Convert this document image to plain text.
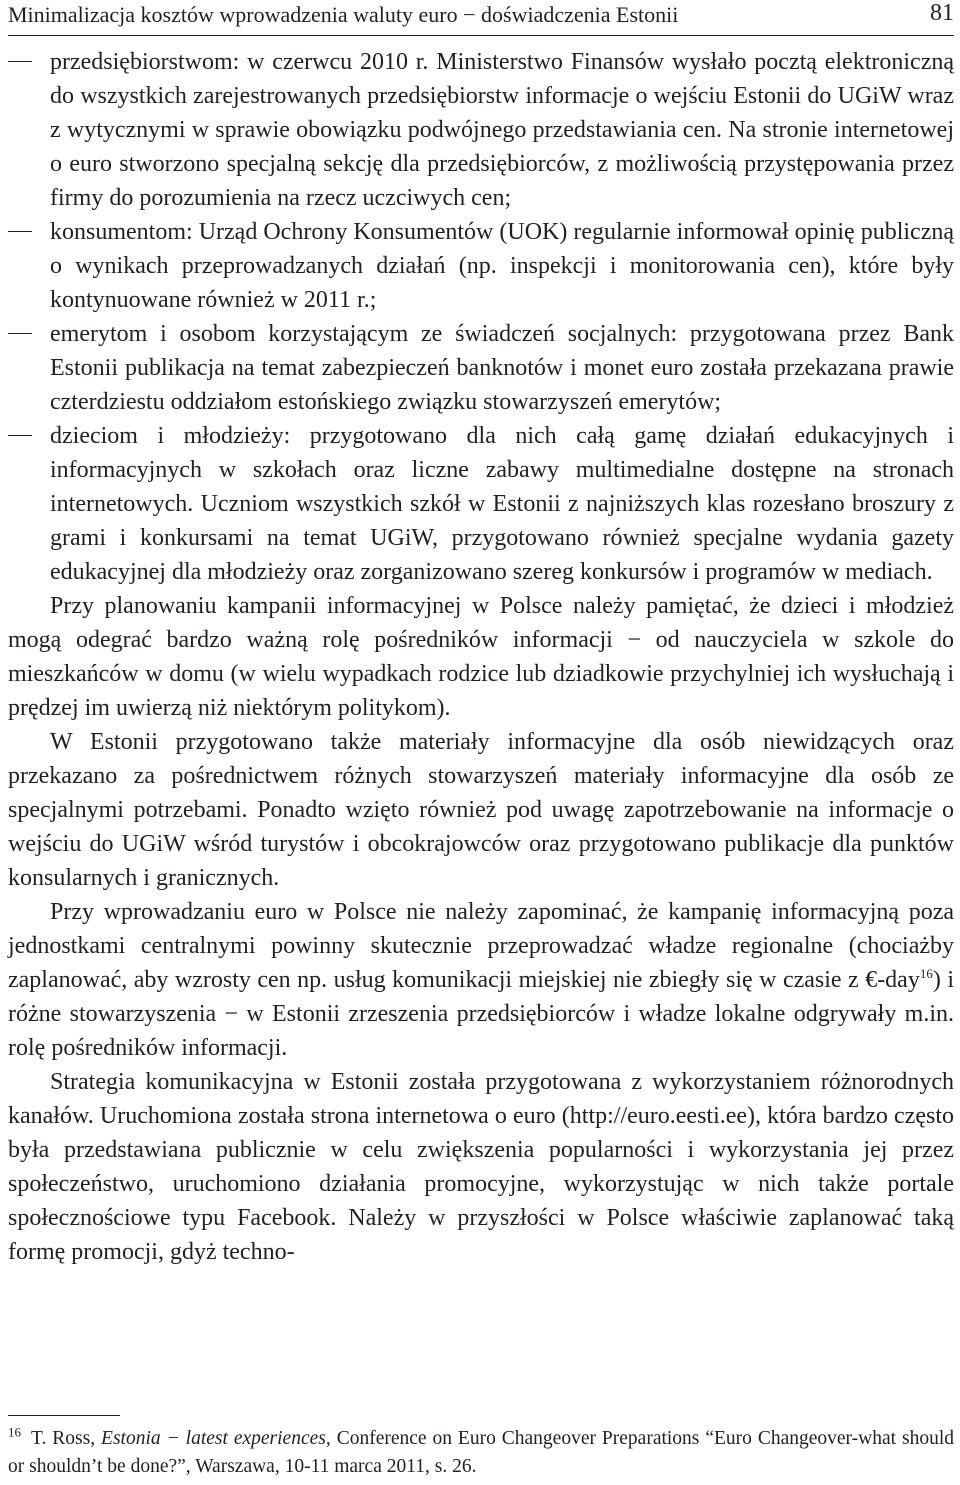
Minimalizacja kosztów wprowadzenia waluty euro − doświadczenia Estonii	81

przedsiębiorstwom: w czerwcu 2010 r. Ministerstwo Finansów wysłało pocztą elektroniczną do wszystkich zarejestrowanych przedsiębiorstw informacje o wejściu Estonii do UGiW wraz z wytycznymi w sprawie obowiązku podwójnego przedstawiania cen. Na stronie internetowej o euro stworzono specjalną sekcję dla przedsiębiorców, z możliwością przystępowania przez firmy do porozumienia na rzecz uczciwych cen;

konsumentom: Urząd Ochrony Konsumentów (UOK) regularnie informował opinię publiczną o wynikach przeprowadzanych działań (np. inspekcji i monitorowania cen), które były kontynuowane również w 2011 r.;

emerytom i osobom korzystającym ze świadczeń socjalnych: przygotowana przez Bank Estonii publikacja na temat zabezpieczeń banknotów i monet euro została przekazana prawie czterdziestu oddziałom estońskiego związku stowarzyszeń emerytów;

dzieciom i młodzieży: przygotowano dla nich całą gamę działań edukacyjnych i informacyjnych w szkołach oraz liczne zabawy multimedialne dostępne na stronach internetowych. Uczniom wszystkich szkół w Estonii z najniższych klas rozesłano broszury z grami i konkursami na temat UGiW, przygotowano również specjalne wydania gazety edukacyjnej dla młodzieży oraz zorganizowano szereg konkursów i programów w mediach.

Przy planowaniu kampanii informacyjnej w Polsce należy pamiętać, że dzieci i młodzież mogą odegrać bardzo ważną rolę pośredników informacji − od nauczyciela w szkole do mieszkańców w domu (w wielu wypadkach rodzice lub dziadkowie przychylniej ich wysłuchają i prędzej im uwierzą niż niektórym politykom).

W Estonii przygotowano także materiały informacyjne dla osób niewidzących oraz przekazano za pośrednictwem różnych stowarzyszeń materiały informacyjne dla osób ze specjalnymi potrzebami. Ponadto wzięto również pod uwagę zapotrzebowanie na informacje o wejściu do UGiW wśród turystów i obcokrajowców oraz przygotowano publikacje dla punktów konsularnych i granicznych.

Przy wprowadzaniu euro w Polsce nie należy zapominać, że kampanię informacyjną poza jednostkami centralnymi powinny skutecznie przeprowadzać władze regionalne (chociażby zaplanować, aby wzrosty cen np. usług komunikacji miejskiej nie zbiegły się w czasie z €-day$^{16}$) i różne stowarzyszenia − w Estonii zrzeszenia przedsiębiorców i władze lokalne odgrywały m.in. rolę pośredników informacji.

Strategia komunikacyjna w Estonii została przygotowana z wykorzystaniem różnorodnych kanałów. Uruchomiona została strona internetowa o euro (http://euro.eesti.ee), która bardzo często była przedstawiana publicznie w celu zwiększenia popularności i wykorzystania jej przez społeczeństwo, uruchomiono działania promocyjne, wykorzystując w nich także portale społecznościowe typu Facebook. Należy w przyszłości w Polsce właściwie zaplanować taką formę promocji, gdyż techno-

$^{16}$ T. Ross, Estonia − latest experiences, Conference on Euro Changeover Preparations “Euro Changeover-what should or shouldn’t be done?”, Warszawa, 10-11 marca 2011, s. 26.
